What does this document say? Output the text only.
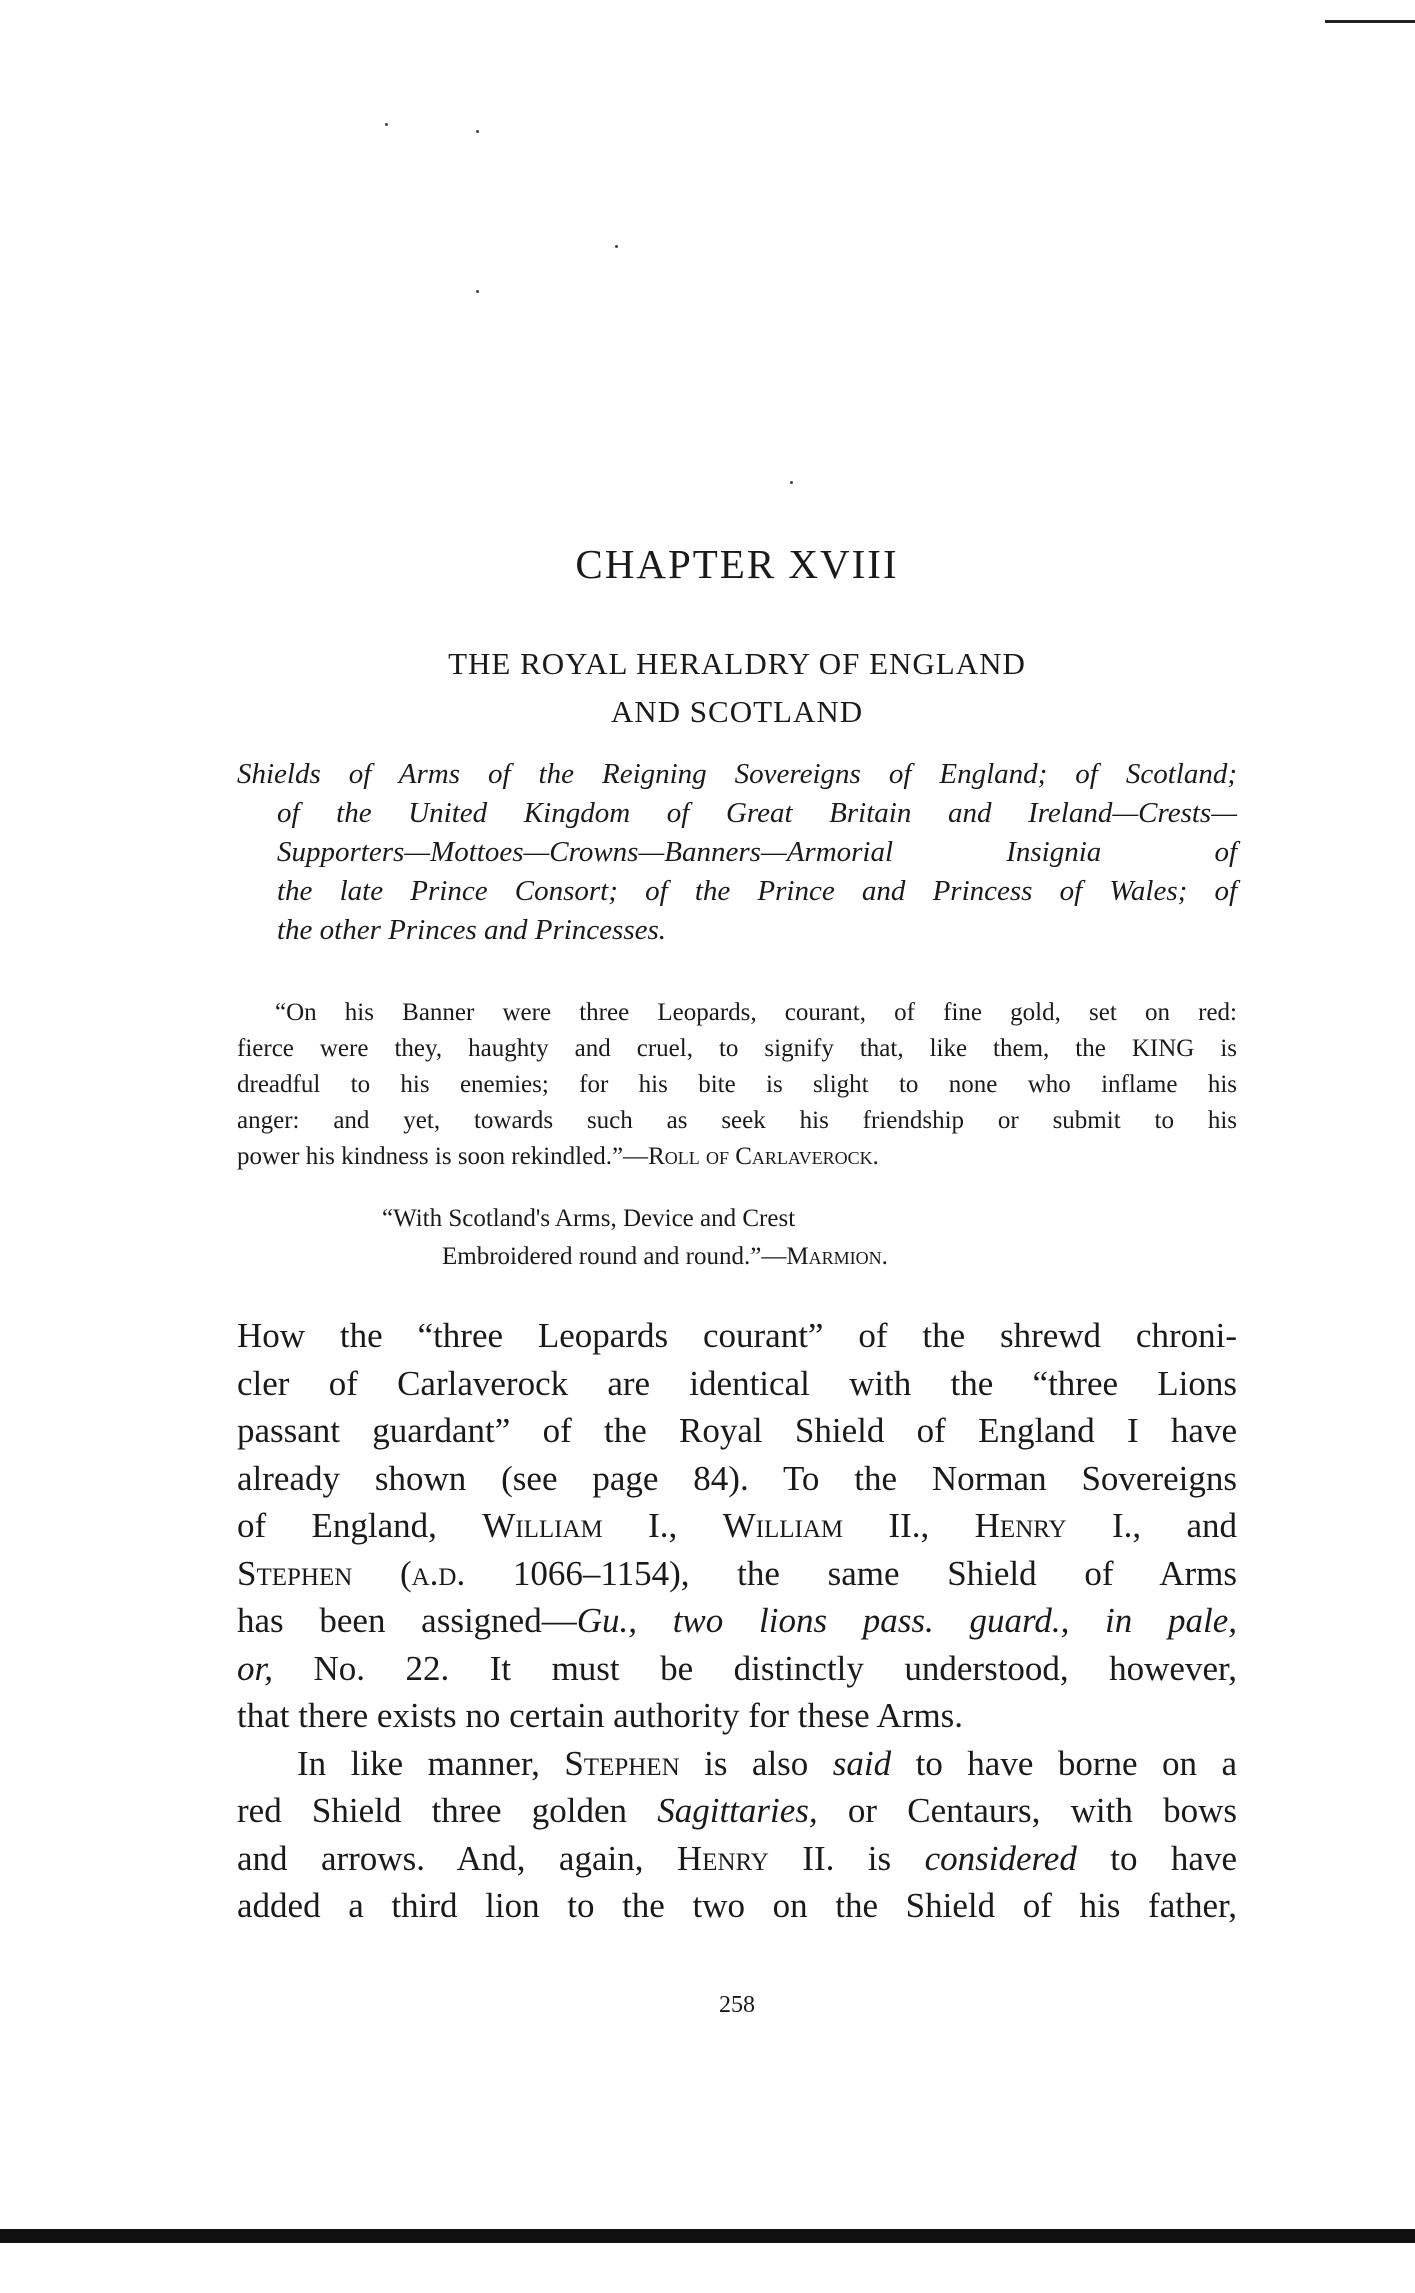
CHAPTER XVIII
THE ROYAL HERALDRY OF ENGLAND
AND SCOTLAND
Shields of Arms of the Reigning Sovereigns of England; of Scotland;
of the United Kingdom of Great Britain and Ireland—Crests—
Supporters—Mottoes—Crowns—Banners—Armorial Insignia of
the late Prince Consort; of the Prince and Princess of Wales; of
the other Princes and Princesses.
“On his Banner were three Leopards, courant, of fine gold, set on red:
fierce were they, haughty and cruel, to signify that, like them, the KING is
dreadful to his enemies; for his bite is slight to none who inflame his
anger: and yet, towards such as seek his friendship or submit to his
power his kindness is soon rekindled.”—Roll of Carlaverock.
“With Scotland's Arms, Device and Crest
Embroidered round and round.”—Marmion.
How the “three Leopards courant” of the shrewd chroni-
cler of Carlaverock are identical with the “three Lions
passant guardant” of the Royal Shield of England I have
already shown (see page 84). To the Norman Sovereigns
of England, William I., William II., Henry I., and
Stephen (a.d. 1066–1154), the same Shield of Arms
has been assigned—Gu., two lions pass. guard., in pale,
or, No. 22. It must be distinctly understood, however,
that there exists no certain authority for these Arms.
In like manner, Stephen is also said to have borne on a
red Shield three golden Sagittaries, or Centaurs, with bows
and arrows. And, again, Henry II. is considered to have
added a third lion to the two on the Shield of his father,
258
